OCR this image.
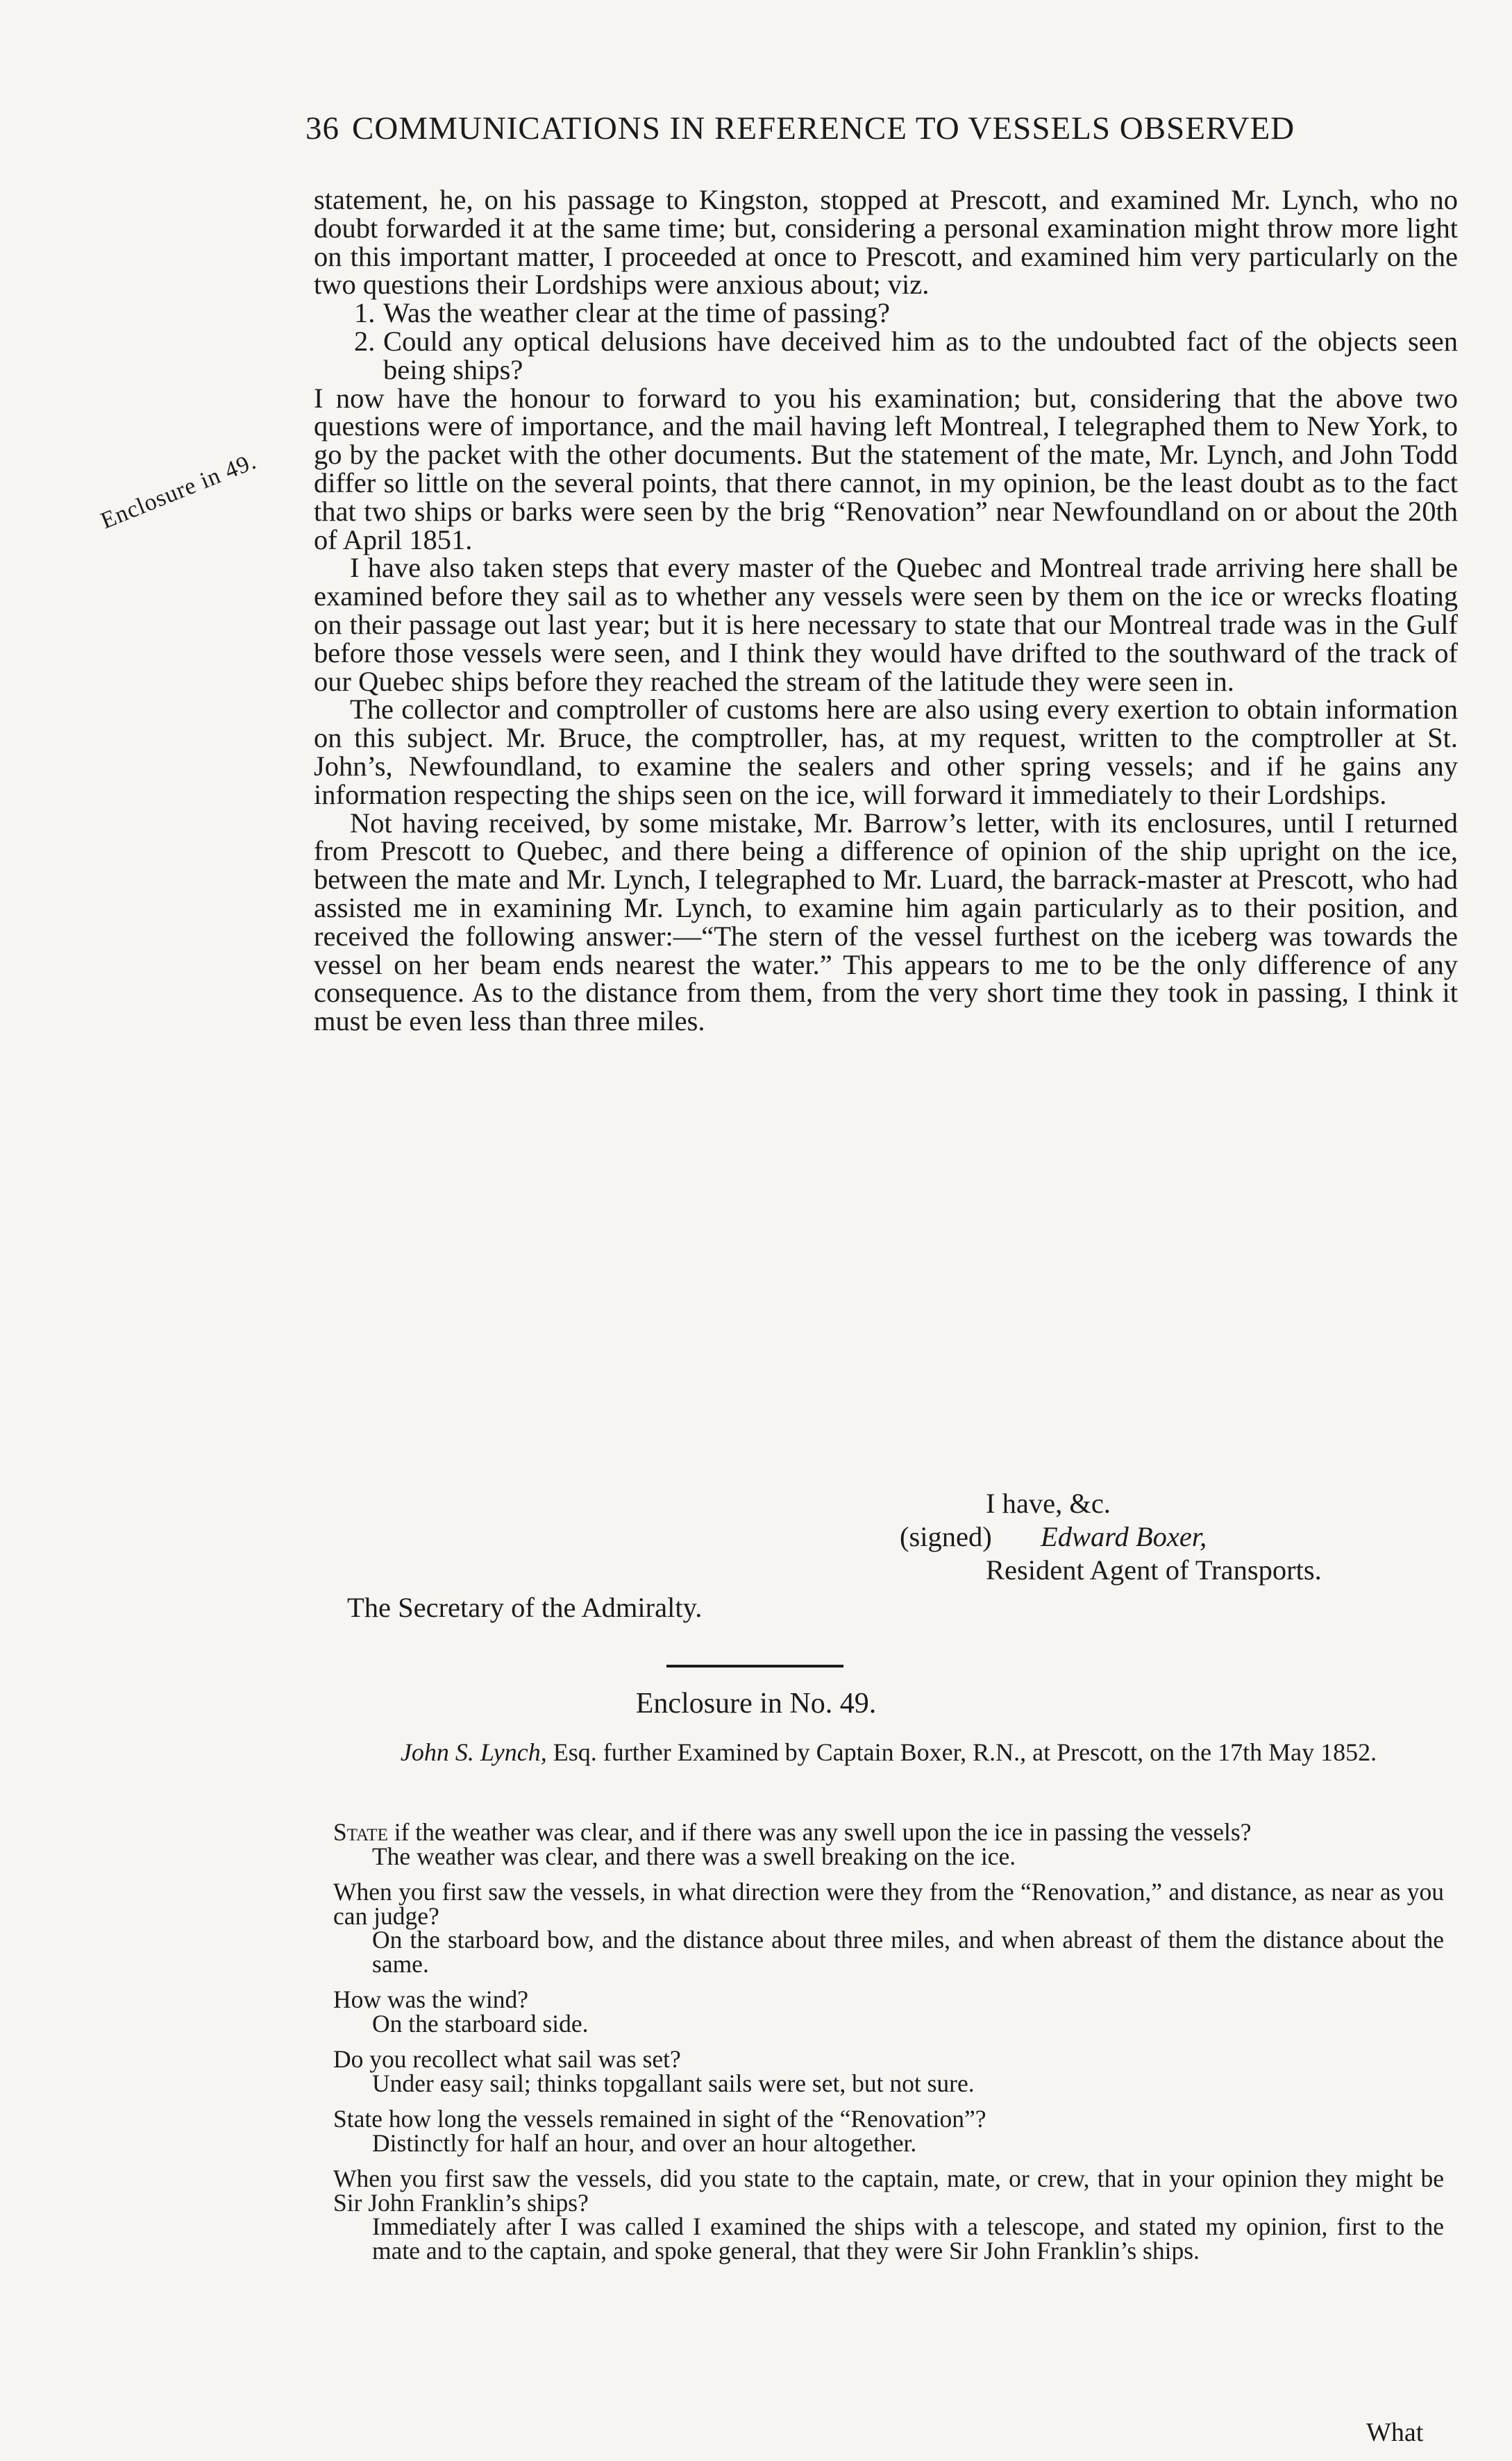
36 COMMUNICATIONS IN REFERENCE TO VESSELS OBSERVED
Enclosure in 49.

statement, he, on his passage to Kingston, stopped at Prescott, and examined Mr. Lynch, who no doubt forwarded it at the same time; but, considering a personal examination might throw more light on this important matter, I proceeded at once to Prescott, and examined him very particularly on the two questions their Lordships were anxious about; viz.

1. Was the weather clear at the time of passing?
2. Could any optical delusions have deceived him as to the undoubted fact of the objects seen being ships?

I now have the honour to forward to you his examination; but, considering that the above two questions were of importance, and the mail having left Montreal, I telegraphed them to New York, to go by the packet with the other documents. But the statement of the mate, Mr. Lynch, and John Todd differ so little on the several points, that there cannot, in my opinion, be the least doubt as to the fact that two ships or barks were seen by the brig “Renovation” near Newfoundland on or about the 20th of April 1851.

I have also taken steps that every master of the Quebec and Montreal trade arriving here shall be examined before they sail as to whether any vessels were seen by them on the ice or wrecks floating on their passage out last year; but it is here necessary to state that our Montreal trade was in the Gulf before those vessels were seen, and I think they would have drifted to the southward of the track of our Quebec ships before they reached the stream of the latitude they were seen in.

The collector and comptroller of customs here are also using every exertion to obtain information on this subject. Mr. Bruce, the comptroller, has, at my request, written to the comptroller at St. John’s, Newfoundland, to examine the sealers and other spring vessels; and if he gains any information respecting the ships seen on the ice, will forward it immediately to their Lordships.

Not having received, by some mistake, Mr. Barrow’s letter, with its enclosures, until I returned from Prescott to Quebec, and there being a difference of opinion of the ship upright on the ice, between the mate and Mr. Lynch, I telegraphed to Mr. Luard, the barrack-master at Prescott, who had assisted me in examining Mr. Lynch, to examine him again particularly as to their position, and received the following answer:—“The stern of the vessel furthest on the iceberg was towards the vessel on her beam ends nearest the water.” This appears to me to be the only difference of any consequence. As to the distance from them, from the very short time they took in passing, I think it must be even less than three miles.

I have, &c.
(signed) Edward Boxer,
Resident Agent of Transports.
The Secretary of the Admiralty.
Enclosure in No. 49.
John S. Lynch, Esq. further Examined by Captain Boxer, R.N., at Prescott, on the 17th May 1852.

State if the weather was clear, and if there was any swell upon the ice in passing the vessels?

The weather was clear, and there was a swell breaking on the ice.

When you first saw the vessels, in what direction were they from the “Renovation,” and distance, as near as you can judge?

On the starboard bow, and the distance about three miles, and when abreast of them the distance about the same.

How was the wind?

On the starboard side.

Do you recollect what sail was set?

Under easy sail; thinks topgallant sails were set, but not sure.

State how long the vessels remained in sight of the “Renovation”?

Distinctly for half an hour, and over an hour altogether.

When you first saw the vessels, did you state to the captain, mate, or crew, that in your opinion they might be Sir John Franklin’s ships?

Immediately after I was called I examined the ships with a telescope, and stated my opinion, first to the mate and to the captain, and spoke general, that they were Sir John Franklin’s ships.

What
